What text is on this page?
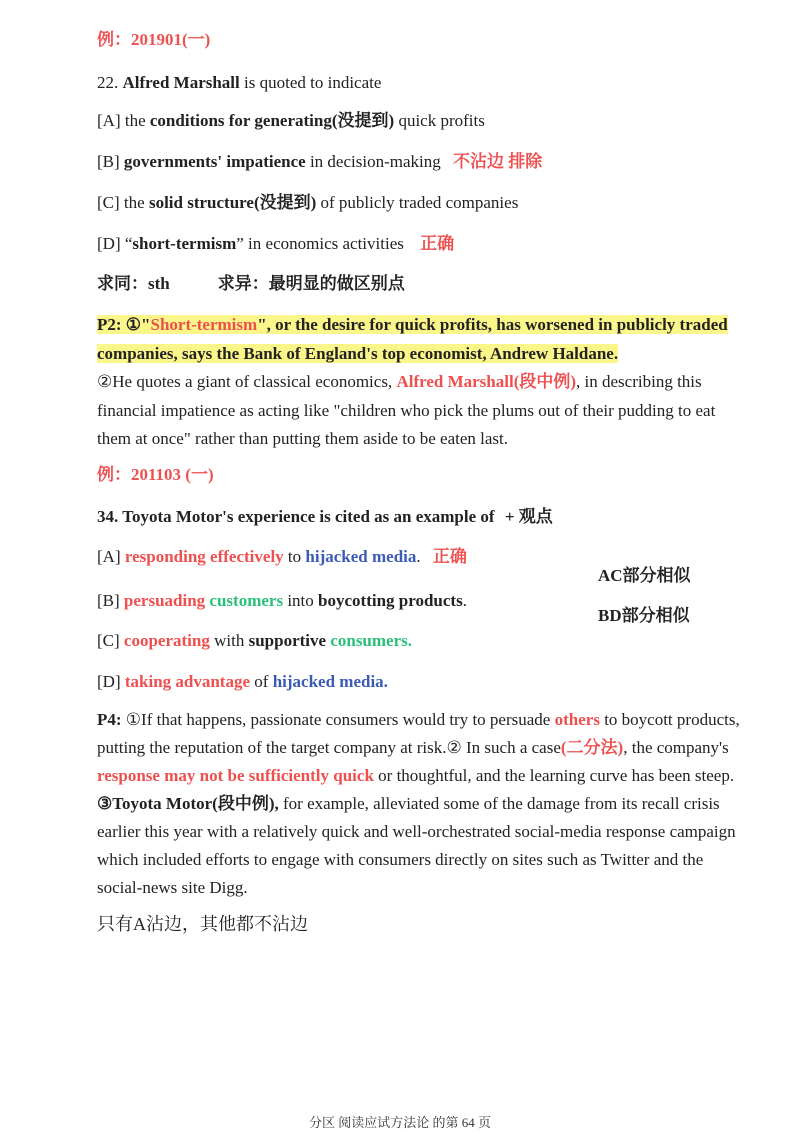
例：201901(一)
22. Alfred Marshall is quoted to indicate
[A] the conditions for generating(没提到) quick profits
[B] governments' impatience in decision-making 不沾边 排除
[C] the solid structure(没提到) of publicly traded companies
[D] “short-termism” in economics activities 正确
求同：sth	求异：最明显的做区别点

P2: ①"Short-termism", or the desire for quick profits, has worsened in publicly traded companies, says the Bank of England's top economist, Andrew Haldane.

②He quotes a giant of classical economics, Alfred Marshall(段中例), in describing this financial impatience as acting like "children who pick the plums out of their pudding to eat them at once" rather than putting them aside to be eaten last.

例：201103 (一)
34. Toyota Motor's experience is cited as an example of + 观点
[A] responding effectively to hijacked media. 正确
AC部分相似
[B] persuading customers into boycotting products.
BD部分相似
[C] cooperating with supportive consumers.
[D] taking advantage of hijacked media.

P4: ①If that happens, passionate consumers would try to persuade others to boycott products, putting the reputation of the target company at risk.② In such a case(二分法), the company's response may not be sufficiently quick or thoughtful, and the learning curve has been steep. ③Toyota Motor(段中例), for example, alleviated some of the damage from its recall crisis earlier this year with a relatively quick and well-orchestrated social-media response campaign which included efforts to engage with consumers directly on sites such as Twitter and the social-news site Digg.

只有A沾边，其他都不沾边
分区 阅读应试方法论 的第 64 页
